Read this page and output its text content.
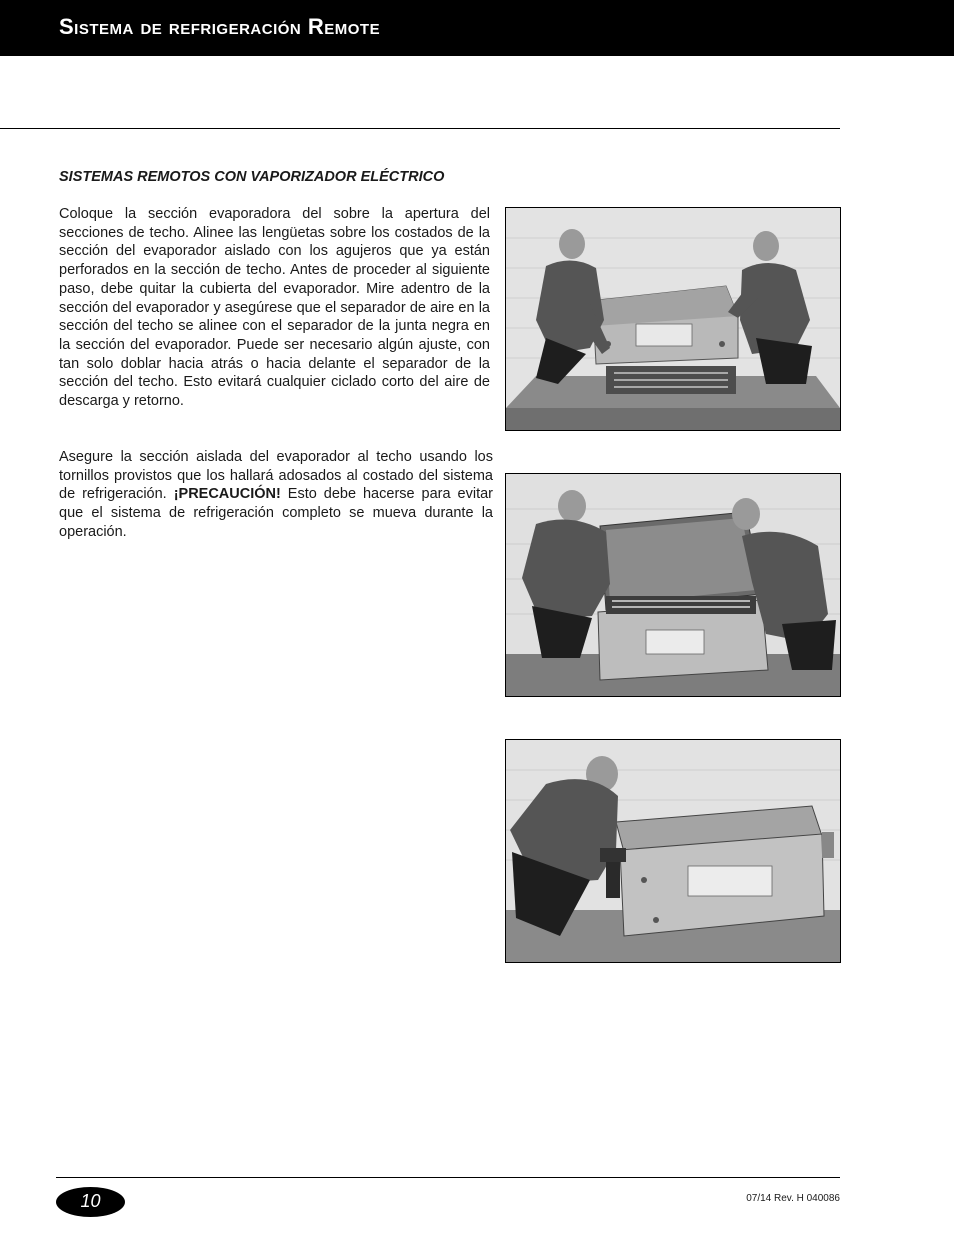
Sistema de refrigeración Remote
SISTEMAS REMOTOS CON VAPORIZADOR ELÉCTRICO

Coloque la sección evaporadora del sobre la apertura del secciones de techo. Alinee las lengüetas sobre los costados de la sección del evaporador aislado con los agujeros que ya están perforados en la sección de techo. Antes de proceder al siguiente paso, debe quitar la cubierta del evaporador. Mire adentro de la sección del evaporador y asegúrese que el separador de aire en la sección del techo se alinee con el separador de la junta negra en la sección del evaporador. Puede ser necesario algún ajuste, con tan solo doblar hacia atrás o hacia delante el separador de la sección del techo. Esto evitará cualquier ciclado corto del aire de descarga y retorno.

Asegure la sección aislada del evaporador al techo usando los tornillos provistos que los hallará adosados al costado del sistema de refrigeración. ¡PRECAUCIÓN! Esto debe hacerse para evitar que el sistema de refrigeración completo se mueva durante la operación.

10	07/14 Rev. H 040086
